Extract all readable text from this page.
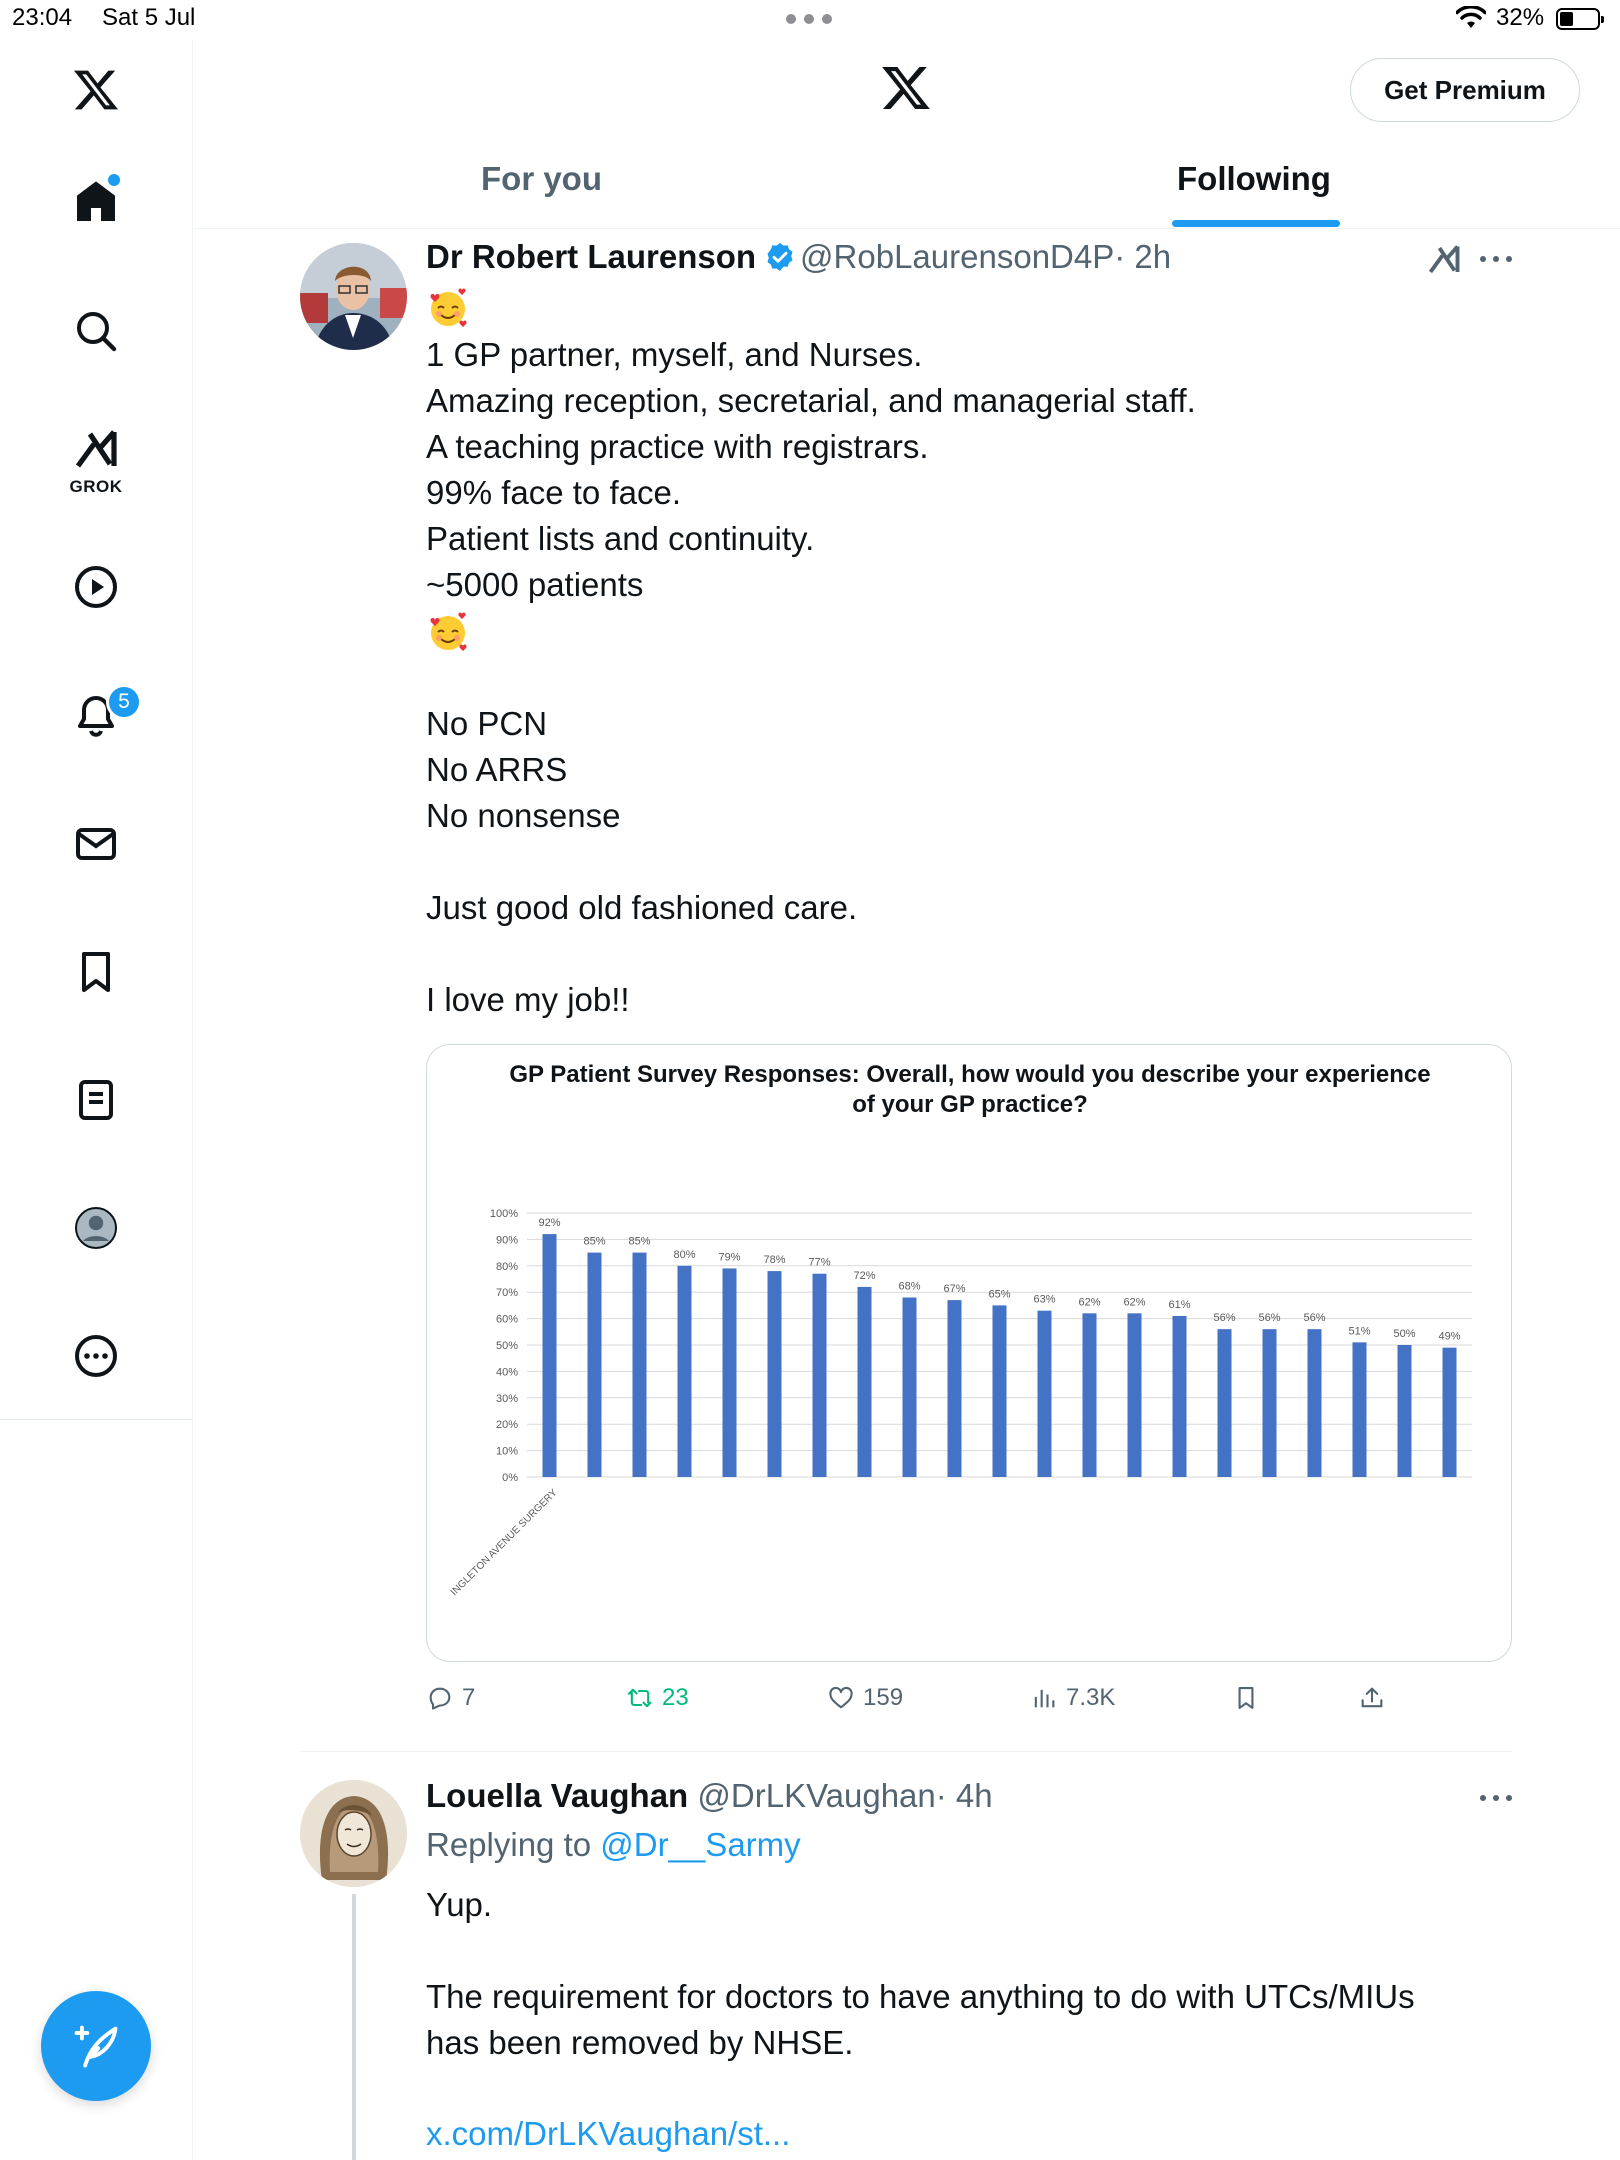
23:04 Sat 5 Jul	32%
GROK
5
Get Premium
For you	Following
Dr Robert Laurenson @RobLaurensonD4P· 2h
1 GP partner, myself, and Nurses.
Amazing reception, secretarial, and managerial staff.
A teaching practice with registrars.
99% face to face.
Patient lists and continuity.
~5000 patients
No PCN
No ARRS
No nonsense
Just good old fashioned care.
I love my job!!
GP Patient Survey Responses: Overall, how would you describe your experience
of your GP practice?
0%
10%
20%
30%
40%
50%
60%
70%
80%
90%
100%
92%
85% 85%
80% 79% 78% 77%
72%
68% 67% 65% 63% 62% 62% 61%
56% 56% 56%
51% 50% 49%
INGLETON AVENUE SURGERY
7	23	159	7.3K
Louella Vaughan @DrLKVaughan· 4h
Replying to @Dr__Sarmy
Yup.
The requirement for doctors to have anything to do with UTCs/MIUs
has been removed by NHSE.
x.com/DrLKVaughan/st...
